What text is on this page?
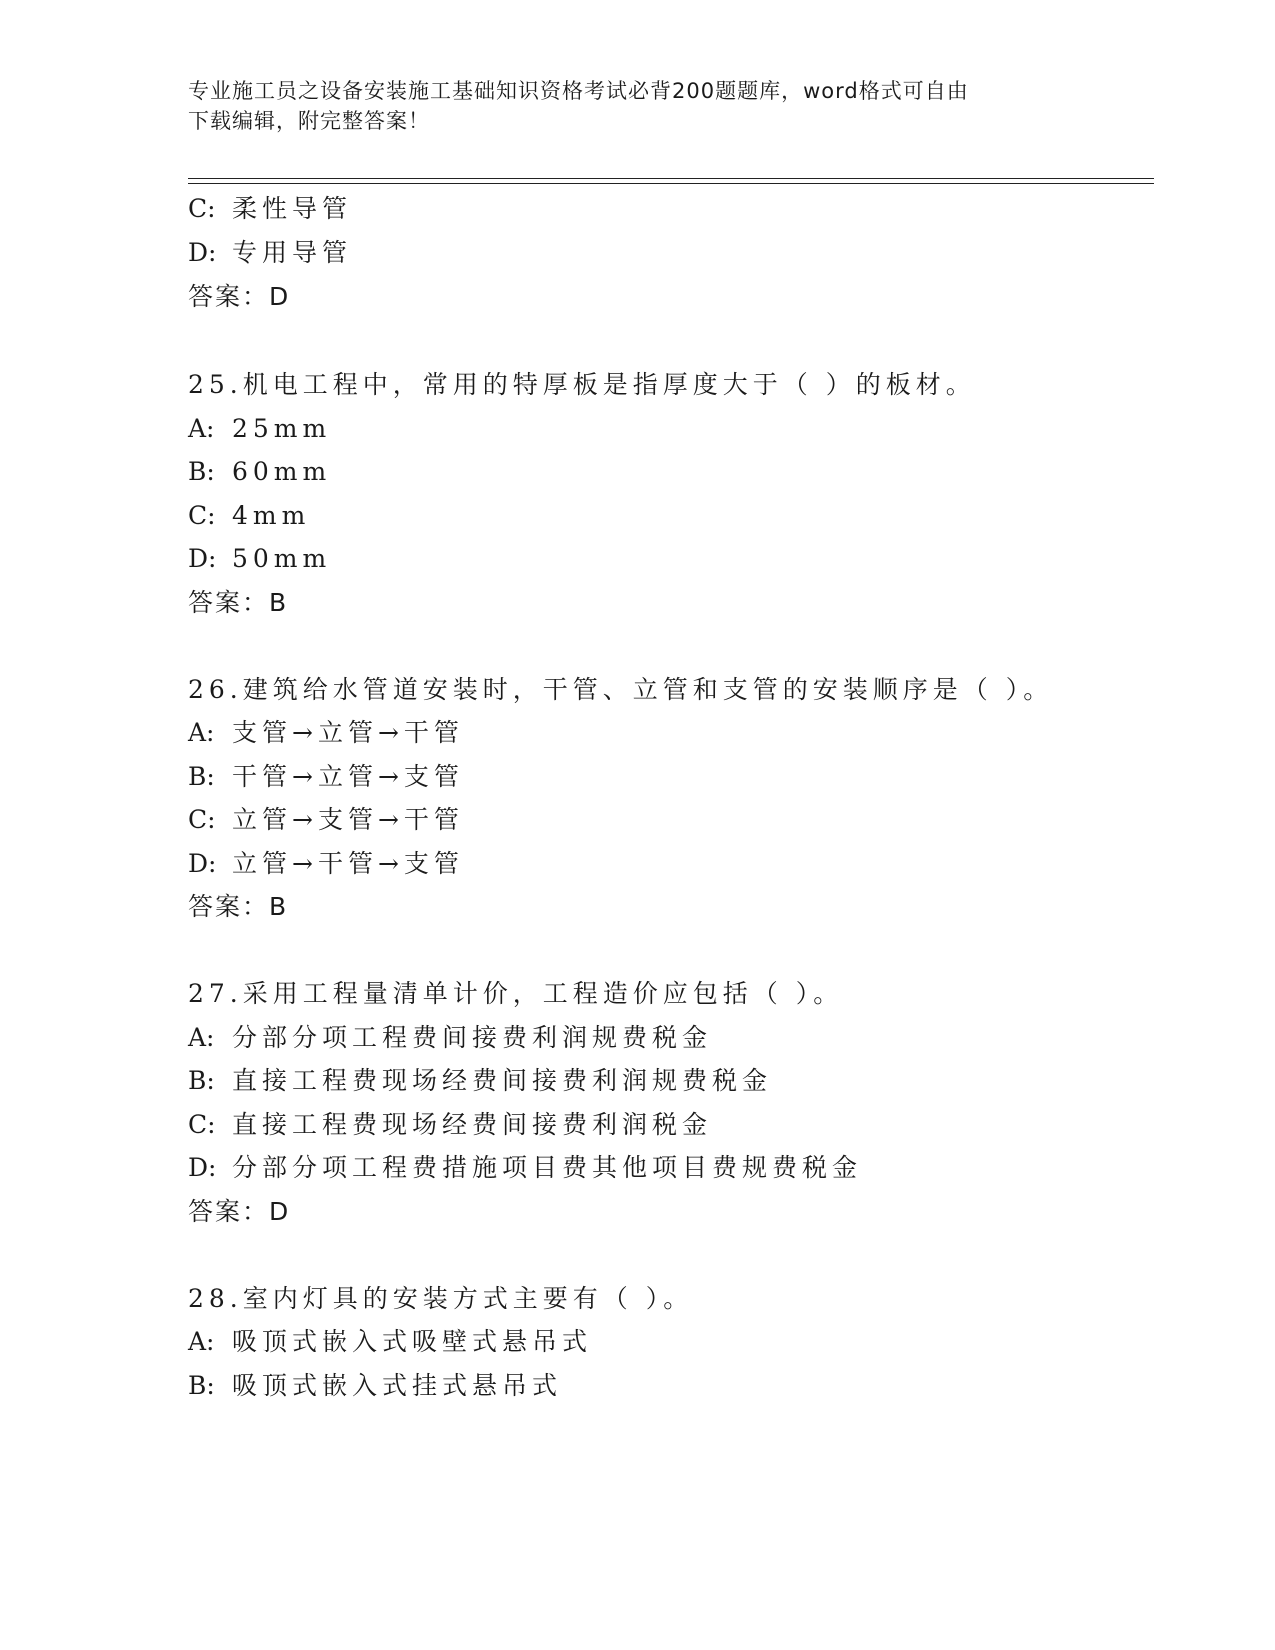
专业施工员之设备安装施工基础知识资格考试必背200题题库，word格式可自由
下载编辑，附完整答案！
C: 柔性导管
D: 专用导管
答案：D
25.机电工程中，常用的特厚板是指厚度大于（ ）的板材。
A: 25mm
B: 60mm
C: 4mm
D: 50mm
答案：B
26.建筑给水管道安装时，干管、立管和支管的安装顺序是（ ）。
A: 支管→立管→干管
B: 干管→立管→支管
C: 立管→支管→干管
D: 立管→干管→支管
答案：B
27.采用工程量清单计价，工程造价应包括（ ）。
A: 分部分项工程费间接费利润规费税金
B: 直接工程费现场经费间接费利润规费税金
C: 直接工程费现场经费间接费利润税金
D: 分部分项工程费措施项目费其他项目费规费税金
答案：D
28.室内灯具的安装方式主要有（ ）。
A: 吸顶式嵌入式吸壁式悬吊式
B: 吸顶式嵌入式挂式悬吊式
